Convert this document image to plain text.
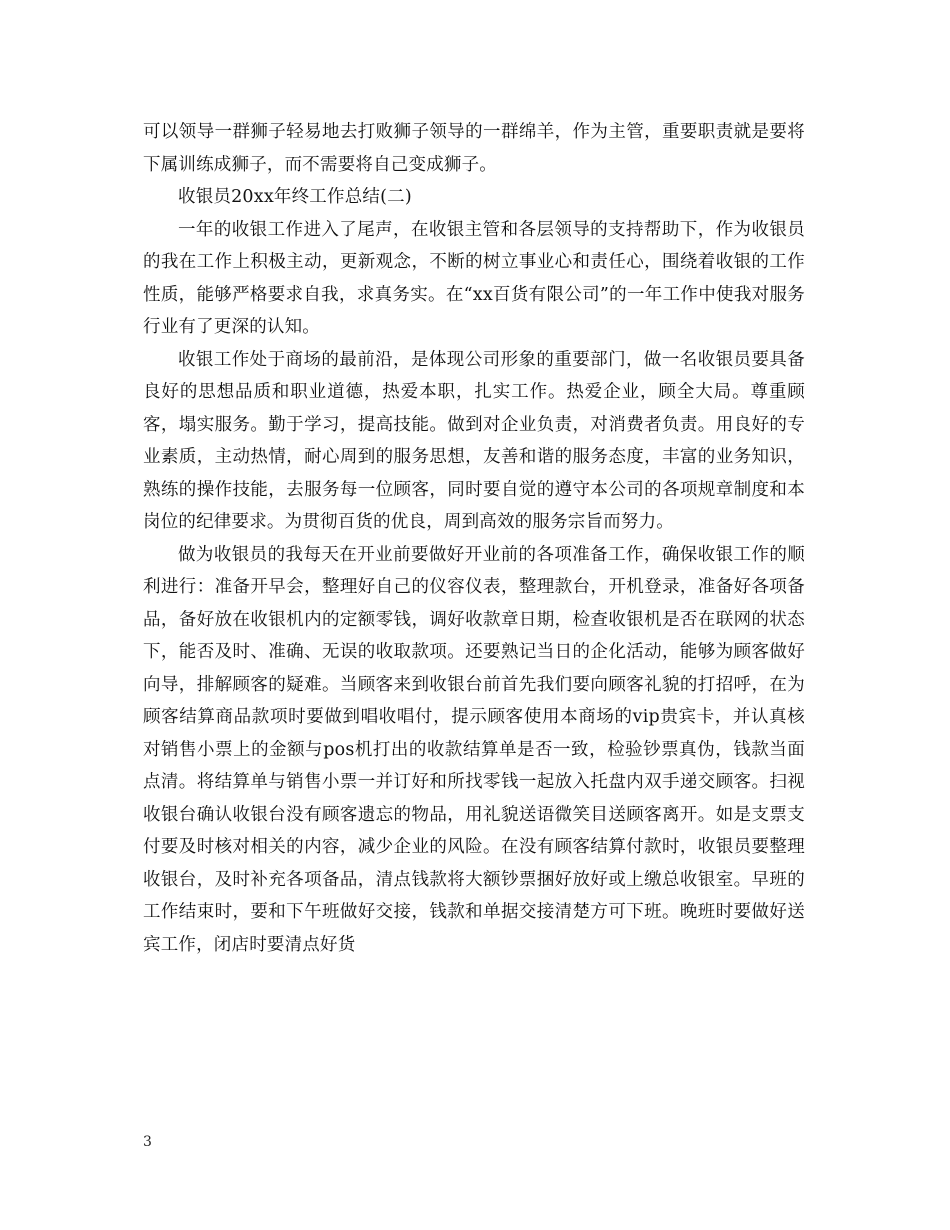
可以领导一群狮子轻易地去打败狮子领导的一群绵羊，作为主管，重要职责就是要将下属训练成狮子，而不需要将自己变成狮子。

收银员20xx年终工作总结(二)

一年的收银工作进入了尾声，在收银主管和各层领导的支持帮助下，作为收银员的我在工作上积极主动，更新观念，不断的树立事业心和责任心，围绕着收银的工作性质，能够严格要求自我，求真务实。在“xx百货有限公司”的一年工作中使我对服务行业有了更深的认知。

收银工作处于商场的最前沿，是体现公司形象的重要部门，做一名收银员要具备良好的思想品质和职业道德，热爱本职，扎实工作。热爱企业，顾全大局。尊重顾客，塌实服务。勤于学习，提高技能。做到对企业负责，对消费者负责。用良好的专业素质，主动热情，耐心周到的服务思想，友善和谐的服务态度，丰富的业务知识，熟练的操作技能，去服务每一位顾客，同时要自觉的遵守本公司的各项规章制度和本岗位的纪律要求。为贯彻百货的优良，周到高效的服务宗旨而努力。

做为收银员的我每天在开业前要做好开业前的各项准备工作，确保收银工作的顺利进行：准备开早会，整理好自己的仪容仪表，整理款台，开机登录，准备好各项备品，备好放在收银机内的定额零钱，调好收款章日期，检查收银机是否在联网的状态下，能否及时、准确、无误的收取款项。还要熟记当日的企化活动，能够为顾客做好向导，排解顾客的疑难。当顾客来到收银台前首先我们要向顾客礼貌的打招呼，在为顾客结算商品款项时要做到唱收唱付，提示顾客使用本商场的vip贵宾卡，并认真核对销售小票上的金额与pos机打出的收款结算单是否一致，检验钞票真伪，钱款当面点清。将结算单与销售小票一并订好和所找零钱一起放入托盘内双手递交顾客。扫视收银台确认收银台没有顾客遗忘的物品，用礼貌送语微笑目送顾客离开。如是支票支付要及时核对相关的内容，减少企业的风险。在没有顾客结算付款时，收银员要整理收银台，及时补充各项备品，清点钱款将大额钞票捆好放好或上缴总收银室。早班的工作结束时，要和下午班做好交接，钱款和单据交接清楚方可下班。晚班时要做好送宾工作，闭店时要清点好货

3
